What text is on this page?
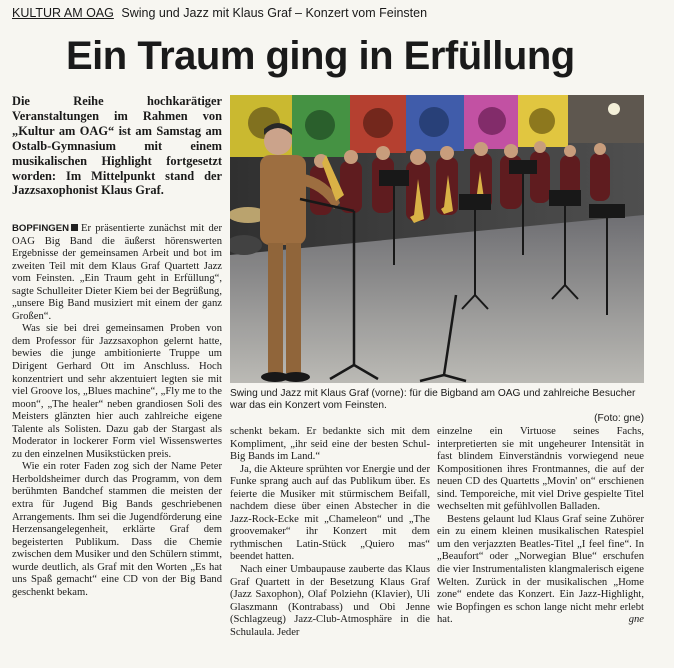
KULTUR AM OAG Swing und Jazz mit Klaus Graf – Konzert vom Feinsten
Ein Traum ging in Erfüllung
Die Reihe hochkarätiger Veranstaltungen im Rahmen von „Kultur am OAG“ ist am Samstag am Ostalb-Gymnasium mit einem musikalischen Highlight fortgesetzt worden: Im Mittelpunkt stand der Jazzsaxophonist Klaus Graf.
Swing und Jazz mit Klaus Graf (vorne): für die Bigband am OAG und zahlreiche Besucher war das ein Konzert vom Feinsten.
(Foto: gne)

BOPFINGEN Er präsentierte zunächst mit der OAG Big Band die äußerst hörenswerten Ergebnisse der gemeinsamen Arbeit und bot im zweiten Teil mit dem Klaus Graf Quartett Jazz vom Feinsten. „Ein Traum geht in Erfüllung“, sagte Schulleiter Dieter Kiem bei der Begrüßung, „unsere Big Band musiziert mit einem der ganz Großen“.

Was sie bei drei gemeinsamen Proben von dem Professor für Jazzsaxophon gelernt hatte, bewies die junge ambitionierte Truppe um Dirigent Gerhard Ott im Anschluss. Hoch konzentriert und sehr akzentuiert legten sie mit viel Groove los, „Blues machine“, „Fly me to the moon“, „The healer“ neben grandiosen Soli des Meisters glänzten hier auch zahlreiche eigene Talente als Solisten. Dazu gab der Stargast als Moderator in lockerer Form viel Wissenswertes zu den einzelnen Musikstücken preis.

Wie ein roter Faden zog sich der Name Peter Herboldsheimer durch das Programm, von dem berühmten Bandchef stammen die meisten der extra für Jugend Big Bands geschriebenen Arrangements. Ihm sei die Jugendförderung eine Herzensangelegenheit, erklärte Graf dem begeisterten Publikum. Dass die Chemie zwischen dem Musiker und den Schülern stimmt, wurde deutlich, als Graf mit den Worten „Es hat uns Spaß gemacht“ eine CD von der Big Band geschenkt bekam.

schenkt bekam. Er bedankte sich mit dem Kompliment, „ihr seid eine der besten Schul-Big Bands im Land.“

Ja, die Akteure sprühten vor Energie und der Funke sprang auch auf das Publikum über. Es feierte die Musiker mit stürmischem Beifall, nachdem diese über einen Abstecher in die Jazz-Rock-Ecke mit „Chameleon“ und „The groovemaker“ ihr Konzert mit dem rythmischen Latin-Stück „Quiero mas“ beendet hatten.

Nach einer Umbaupause zauberte das Klaus Graf Quartett in der Besetzung Klaus Graf (Jazz Saxophon), Olaf Polziehn (Klavier), Uli Glaszmann (Kontrabass) und Obi Jenne (Schlagzeug) Jazz-Club-Atmosphäre in die Schulaula. Jeder

einzelne ein Virtuose seines Fachs, interpretierten sie mit ungeheurer Intensität in fast blindem Einverständnis vorwiegend neue Kompositionen ihres Frontmannes, die auf der neuen CD des Quartetts „Movin' on“ erschienen sind. Temporeiche, mit viel Drive gespielte Titel wechselten mit gefühlvollen Balladen.

Bestens gelaunt lud Klaus Graf seine Zuhörer ein zu einem kleinen musikalischen Ratespiel um den verjazzten Beatles-Titel „I feel fine“. In „Beaufort“ oder „Norwegian Blue“ erschufen die vier Instrumentalisten klangmalerisch eigene Welten. Zurück in der musikalischen „Home zone“ endete das Konzert. Ein Jazz-Highlight, wie Bopfingen es schon lange nicht mehr erlebt hat.	gne
